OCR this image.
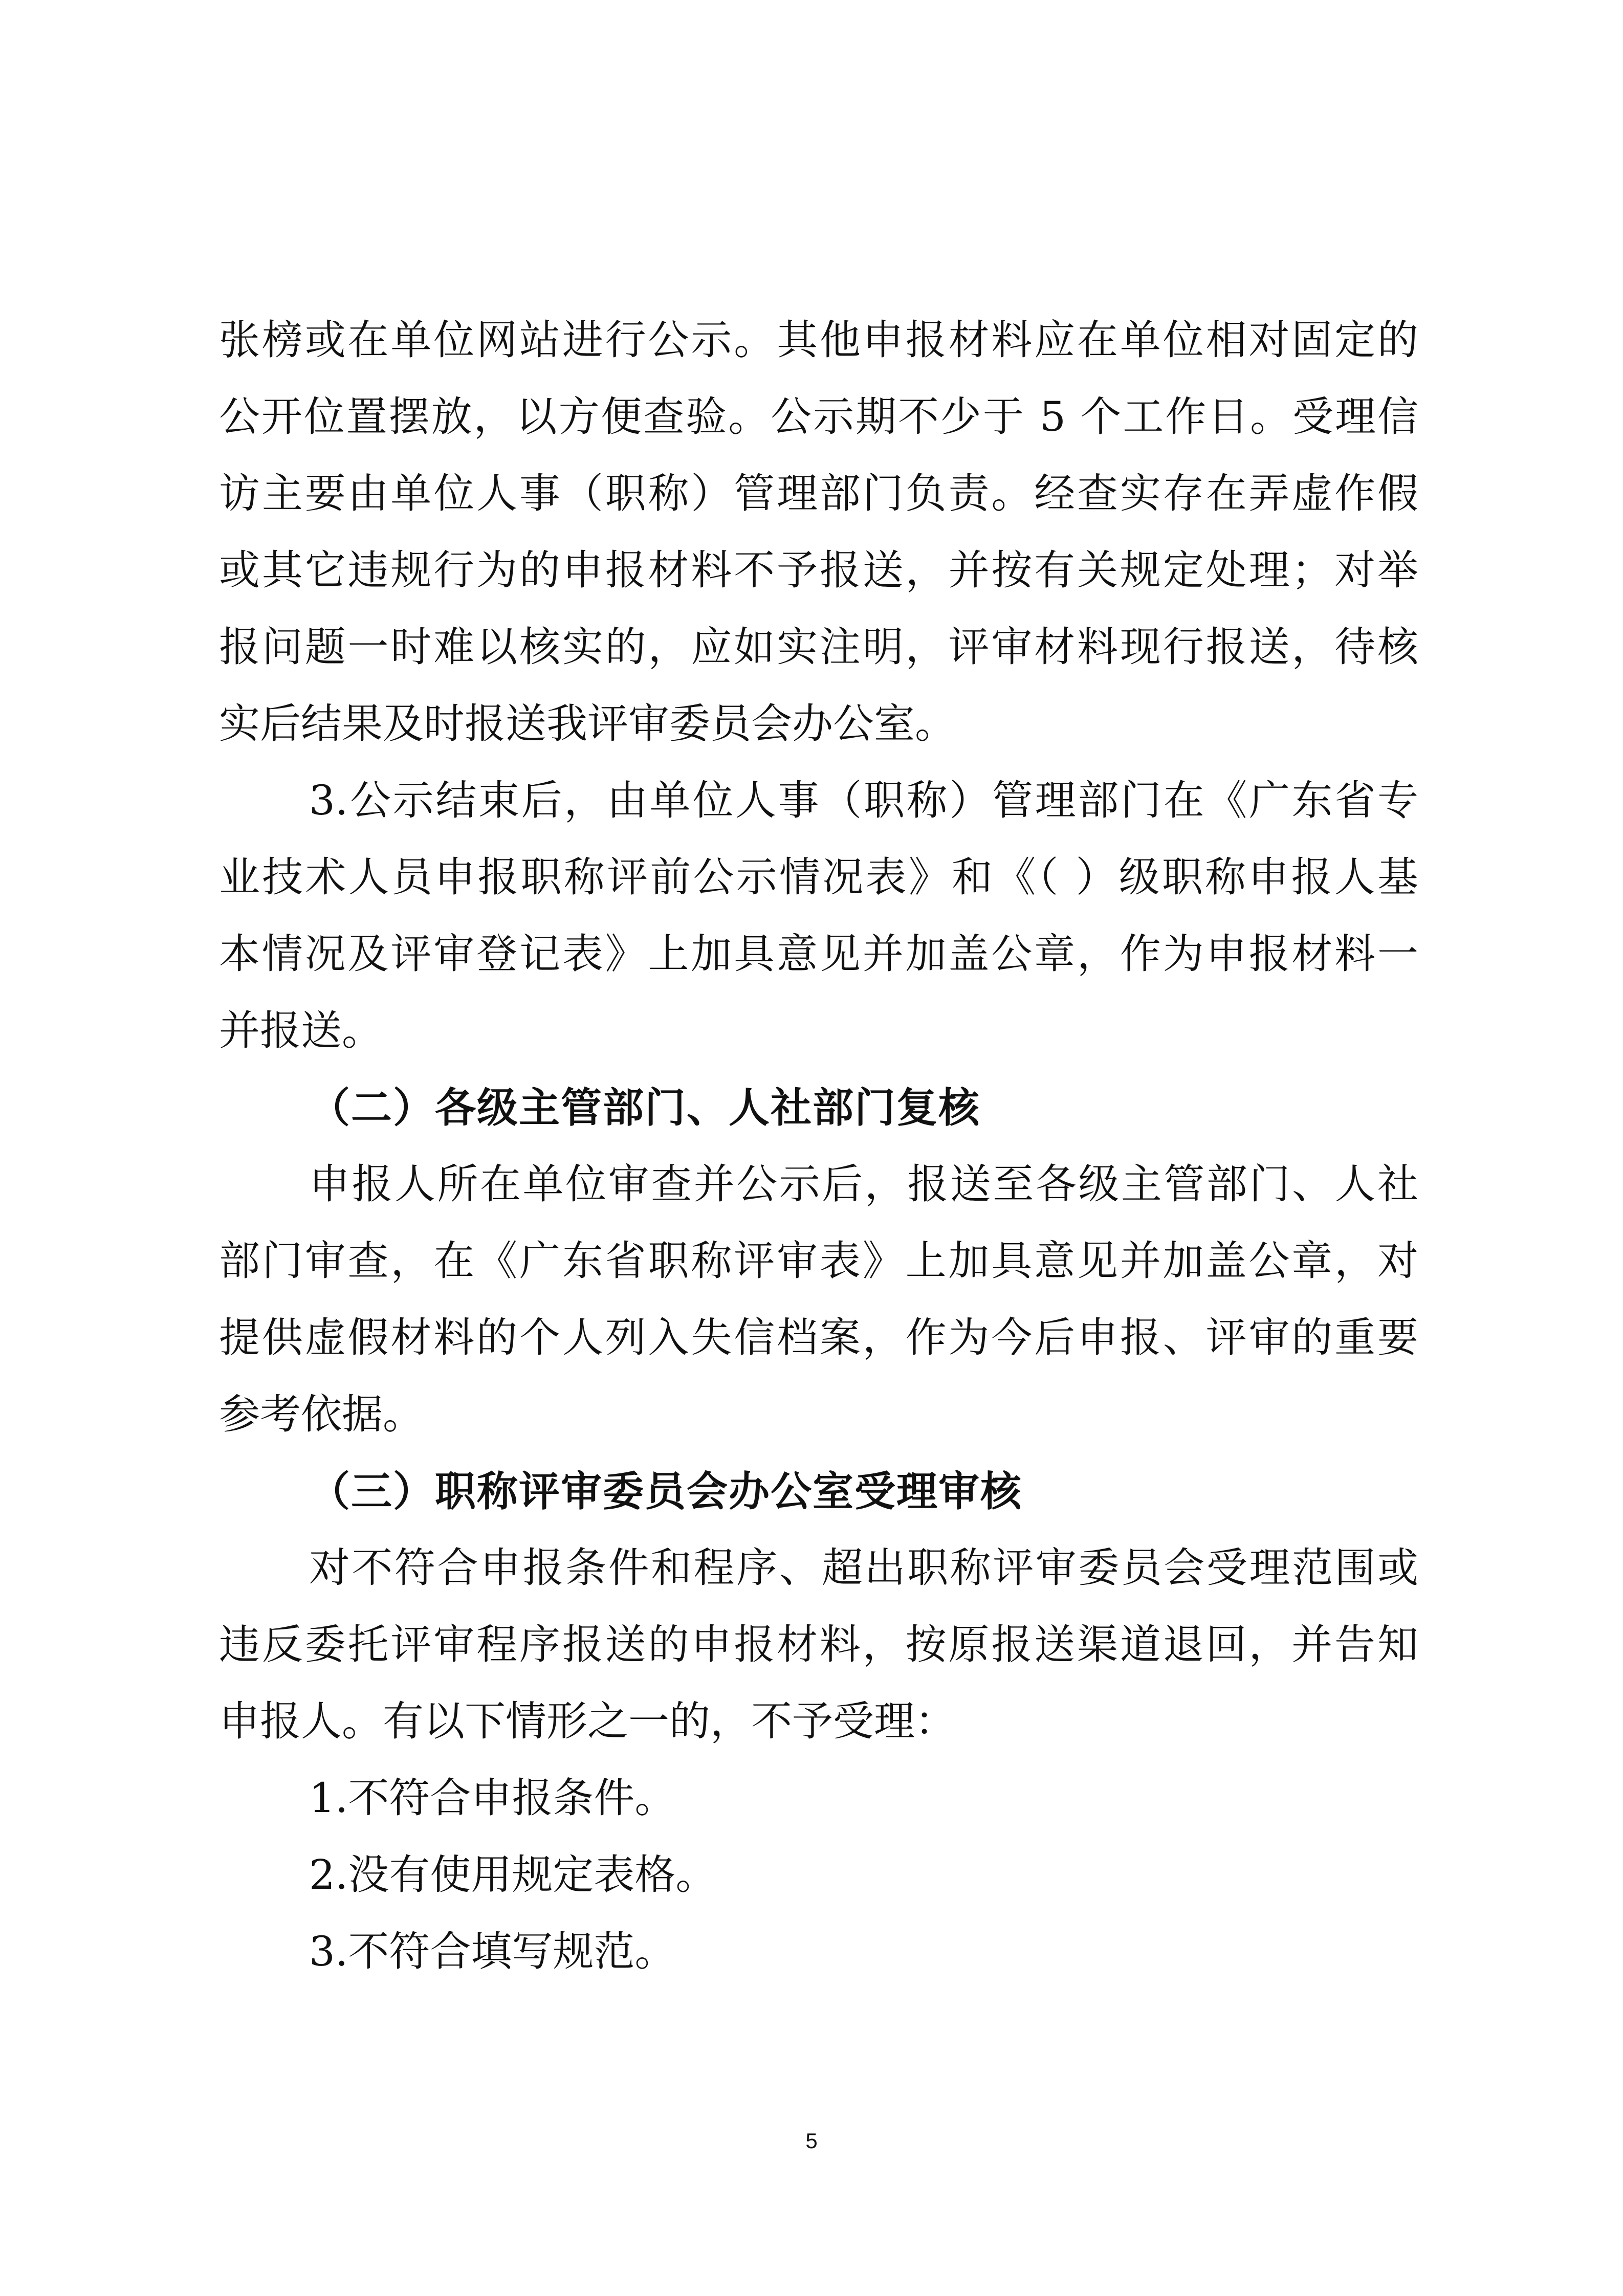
张榜或在单位网站进行公示。其他申报材料应在单位相对固定的
公开位置摆放，以方便查验。公示期不少于 5 个工作日。受理信
访主要由单位人事（职称）管理部门负责。经查实存在弄虚作假
或其它违规行为的申报材料不予报送，并按有关规定处理；对举
报问题一时难以核实的，应如实注明，评审材料现行报送，待核
实后结果及时报送我评审委员会办公室。
3.公示结束后，由单位人事（职称）管理部门在《广东省专
业技术人员申报职称评前公示情况表》和《（ ）级职称申报人基
本情况及评审登记表》上加具意见并加盖公章，作为申报材料一
并报送。
（二）各级主管部门、人社部门复核
申报人所在单位审查并公示后，报送至各级主管部门、人社
部门审查，在《广东省职称评审表》上加具意见并加盖公章，对
提供虚假材料的个人列入失信档案，作为今后申报、评审的重要
参考依据。
（三）职称评审委员会办公室受理审核
对不符合申报条件和程序、超出职称评审委员会受理范围或
违反委托评审程序报送的申报材料，按原报送渠道退回，并告知
申报人。有以下情形之一的，不予受理：
1.不符合申报条件。
2.没有使用规定表格。
3.不符合填写规范。
5
